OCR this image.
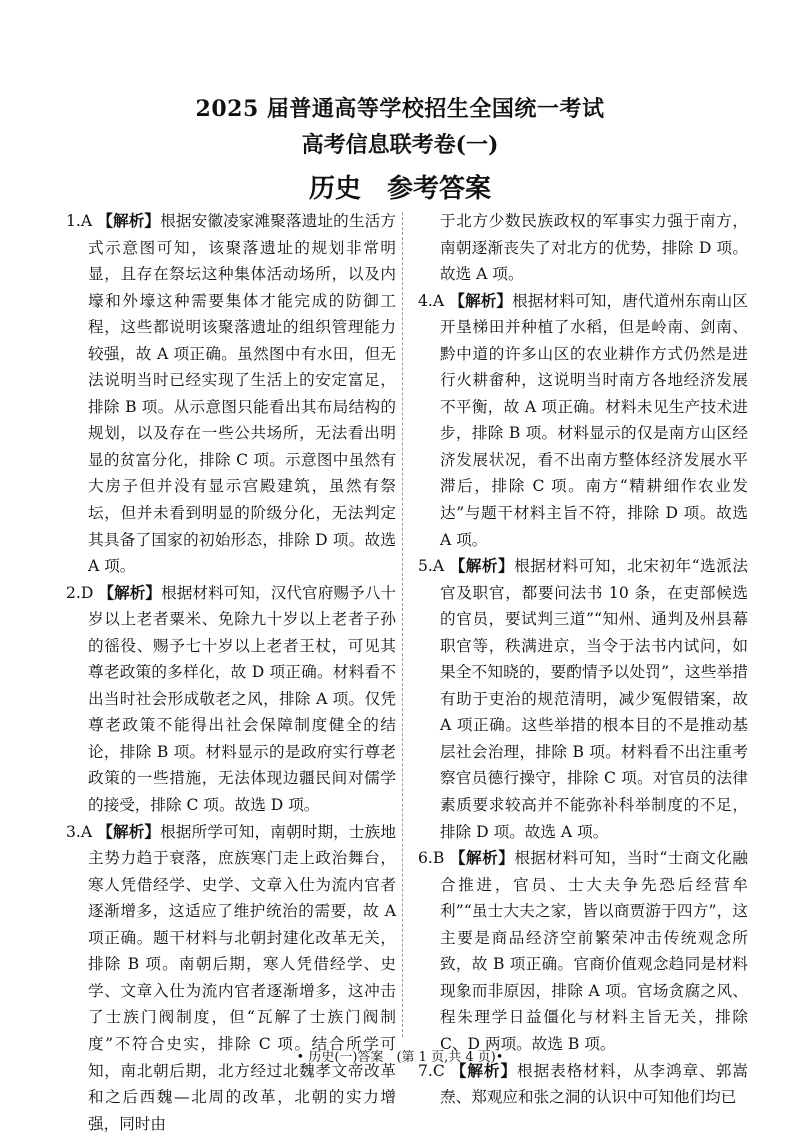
2025 届普通高等学校招生全国统一考试
高考信息联考卷(一)
历史　参考答案

1.A 【解析】根据安徽凌家滩聚落遗址的生活方式示意图可知，该聚落遗址的规划非常明显，且存在祭坛这种集体活动场所，以及内壕和外壕这种需要集体才能完成的防御工程，这些都说明该聚落遗址的组织管理能力较强，故 A 项正确。虽然图中有水田，但无法说明当时已经实现了生活上的安定富足，排除 B 项。从示意图只能看出其布局结构的规划，以及存在一些公共场所，无法看出明显的贫富分化，排除 C 项。示意图中虽然有大房子但并没有显示宫殿建筑，虽然有祭坛，但并未看到明显的阶级分化，无法判定其具备了国家的初始形态，排除 D 项。故选 A 项。

2.D 【解析】根据材料可知，汉代官府赐予八十岁以上老者粟米、免除九十岁以上老者子孙的徭役、赐予七十岁以上老者王杖，可见其尊老政策的多样化，故 D 项正确。材料看不出当时社会形成敬老之风，排除 A 项。仅凭尊老政策不能得出社会保障制度健全的结论，排除 B 项。材料显示的是政府实行尊老政策的一些措施，无法体现边疆民间对儒学的接受，排除 C 项。故选 D 项。

3.A 【解析】根据所学可知，南朝时期，士族地主势力趋于衰落，庶族寒门走上政治舞台，寒人凭借经学、史学、文章入仕为流内官者逐渐增多，这适应了维护统治的需要，故 A 项正确。题干材料与北朝封建化改革无关，排除 B 项。南朝后期，寒人凭借经学、史学、文章入仕为流内官者逐渐增多，这冲击了士族门阀制度，但“瓦解了士族门阀制度”不符合史实，排除 C 项。结合所学可知，南北朝后期，北方经过北魏孝文帝改革和之后西魏—北周的改革，北朝的实力增强，同时由

于北方少数民族政权的军事实力强于南方，南朝逐渐丧失了对北方的优势，排除 D 项。故选 A 项。

4.A 【解析】根据材料可知，唐代道州东南山区开垦梯田并种植了水稻，但是岭南、剑南、黔中道的许多山区的农业耕作方式仍然是进行火耕畲种，这说明当时南方各地经济发展不平衡，故 A 项正确。材料未见生产技术进步，排除 B 项。材料显示的仅是南方山区经济发展状况，看不出南方整体经济发展水平滞后，排除 C 项。南方“精耕细作农业发达”与题干材料主旨不符，排除 D 项。故选 A 项。

5.A 【解析】根据材料可知，北宋初年“选派法官及职官，都要问法书 10 条，在吏部候选的官员，要试判三道”“知州、通判及州县幕职官等，秩满进京，当令于法书内试问，如果全不知晓的，要酌情予以处罚”，这些举措有助于吏治的规范清明，减少冤假错案，故 A 项正确。这些举措的根本目的不是推动基层社会治理，排除 B 项。材料看不出注重考察官员德行操守，排除 C 项。对官员的法律素质要求较高并不能弥补科举制度的不足，排除 D 项。故选 A 项。

6.B 【解析】根据材料可知，当时“士商文化融合推进，官员、士大夫争先恐后经营牟利”“虽士大夫之家，皆以商贾游于四方”，这主要是商品经济空前繁荣冲击传统观念所致，故 B 项正确。官商价值观念趋同是材料现象而非原因，排除 A 项。官场贪腐之风、程朱理学日益僵化与材料主旨无关，排除 C、D 两项。故选 B 项。

7.C 【解析】根据表格材料，从李鸿章、郭嵩焘、郑观应和张之洞的认识中可知他们均已

• 历史(一)答案　(第 1 页,共 4 页)•
